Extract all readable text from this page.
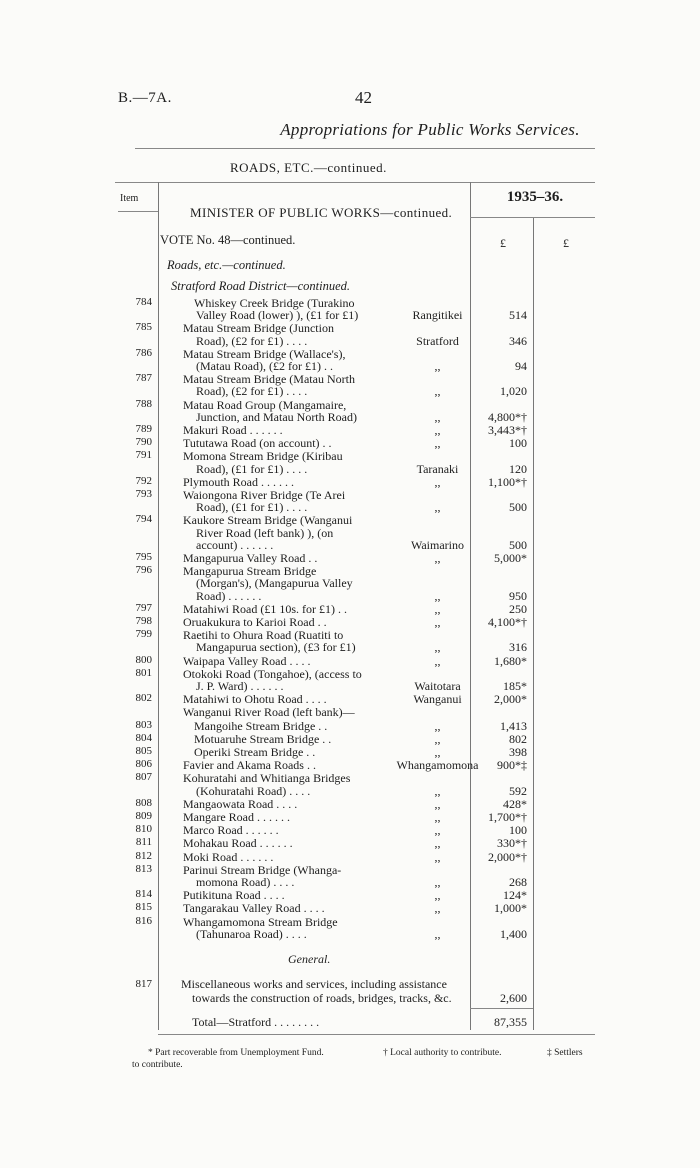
B.—7A.	42
Appropriations for Public Works Services.
ROADS, ETC.—continued.
Item
MINISTER OF PUBLIC WORKS—continued.
1935–36.
VOTE No. 48—continued.	£	£
Roads, etc.—continued.
Stratford Road District—continued.
784	Whiskey Creek Bridge (Turakino
Valley Road (lower) ), (£1 for £1)	Rangitikei	514
785	Matau Stream Bridge (Junction
Road), (£2 for £1) . . . .	Stratford	346
786	Matau Stream Bridge (Wallace's),
(Matau Road), (£2 for £1) . .	,,	94
787	Matau Stream Bridge (Matau North
Road), (£2 for £1) . . . .	,,	1,020
788	Matau Road Group (Mangamaire,
Junction, and Matau North Road)	,,	4,800*†
789	Makuri Road . . . . . .	,,	3,443*†
790	Tututawa Road (on account) . .	,,	100
791	Momona Stream Bridge (Kiribau
Road), (£1 for £1) . . . .	Taranaki	120
792	Plymouth Road . . . . . .	,,	1,100*†
793	Waiongona River Bridge (Te Arei
Road), (£1 for £1) . . . .	,,	500
794	Kaukore Stream Bridge (Wanganui
River Road (left bank) ), (on
account) . . . . . .	Waimarino	500
795	Mangapurua Valley Road . .	,,	5,000*
796	Mangapurua Stream Bridge
(Morgan's), (Mangapurua Valley
Road) . . . . . .	,,	950
797	Matahiwi Road (£1 10s. for £1) . .	,,	250
798	Oruakukura to Karioi Road . .	,,	4,100*†
799	Raetihi to Ohura Road (Ruatiti to
Mangapurua section), (£3 for £1)	,,	316
800	Waipapa Valley Road . . . .	,,	1,680*
801	Otokoki Road (Tongahoe), (access to
J. P. Ward) . . . . . .	Waitotara	185*
802	Matahiwi to Ohotu Road . . . .	Wanganui	2,000*
Wanganui River Road (left bank)—
803	Mangoihe Stream Bridge . .	,,	1,413
804	Motuaruhe Stream Bridge . .	,,	802
805	Operiki Stream Bridge . .	,,	398
806	Favier and Akama Roads . .	Whangamomona	900*‡
807	Kohuratahi and Whitianga Bridges
(Kohuratahi Road) . . . .	,,	592
808	Mangaowata Road . . . .	,,	428*
809	Mangare Road . . . . . .	,,	1,700*†
810	Marco Road . . . . . .	,,	100
811	Mohakau Road . . . . . .	,,	330*†
812	Moki Road . . . . . .	,,	2,000*†
813	Parinui Stream Bridge (Whanga-
momona Road) . . . .	,,	268
814	Putikituna Road . . . .	,,	124*
815	Tangarakau Valley Road . . . .	,,	1,000*
816	Whangamomona Stream Bridge
(Tahunaroa Road) . . . .	,,	1,400
General.
817 Miscellaneous works and services, including assistance
towards the construction of roads, bridges, tracks, &c.	2,600
Total—Stratford . . . . . . . .	87,355
* Part recoverable from Unemployment Fund.	† Local authority to contribute.	‡ Settlers
to contribute.
